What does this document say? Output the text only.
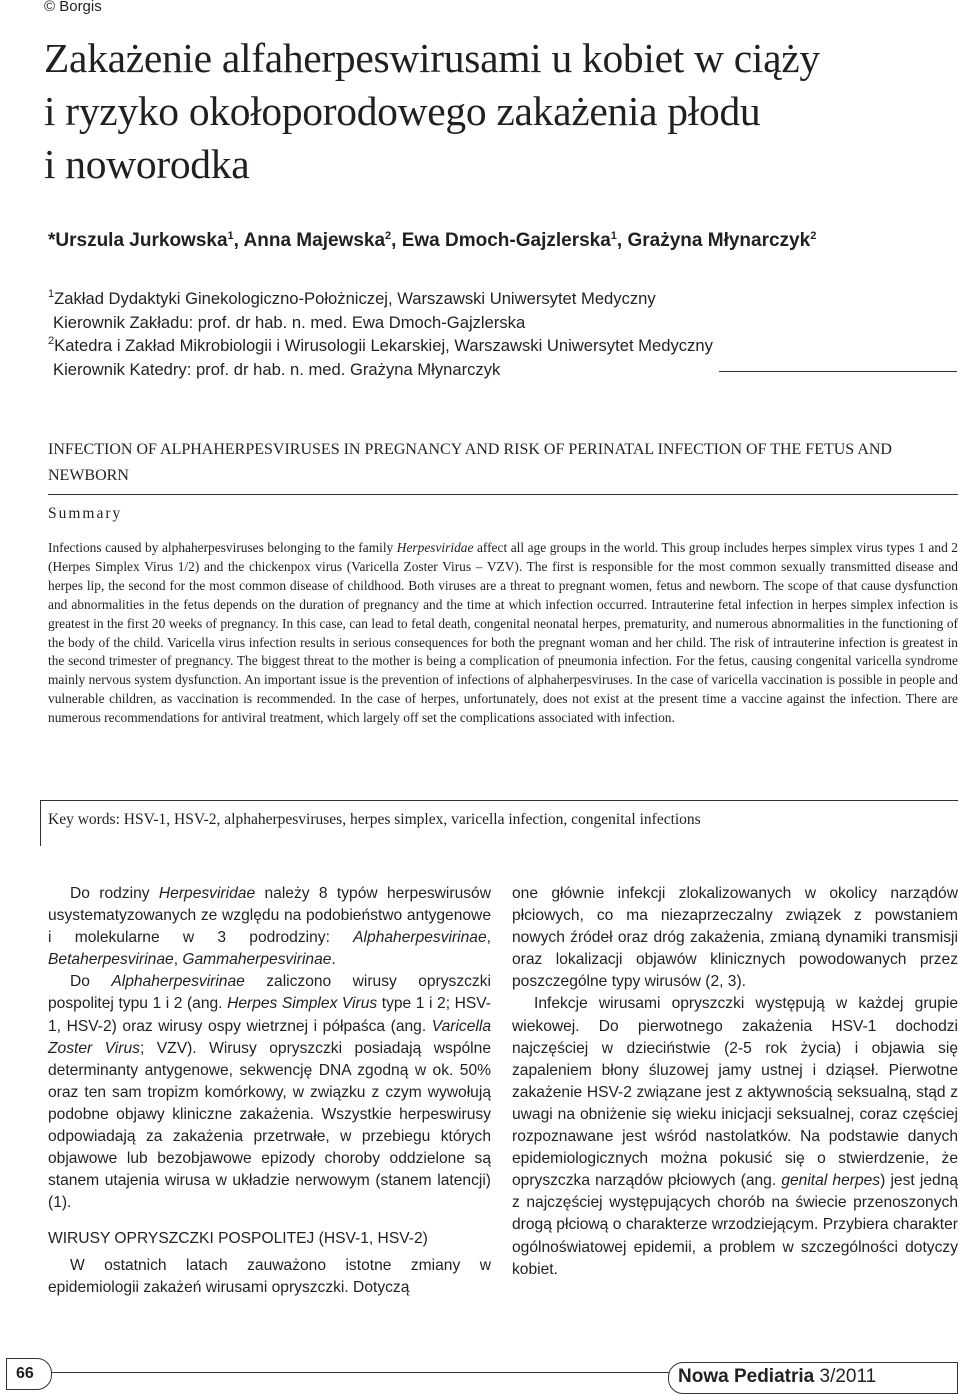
© Borgis
Zakażenie alfaherpeswirusami u kobiet w ciąży
i ryzyko okołoporodowego zakażenia płodu
i noworodka
*Urszula Jurkowska$^1$, Anna Majewska$^2$, Ewa Dmoch-Gajzlerska$^1$, Grażyna Młynarczyk$^2$
$^1$Zakład Dydaktyki Ginekologiczno-Położniczej, Warszawski Uniwersytet Medyczny
Kierownik Zakładu: prof. dr hab. n. med. Ewa Dmoch-Gajzlerska
$^2$Katedra i Zakład Mikrobiologii i Wirusologii Lekarskiej, Warszawski Uniwersytet Medyczny
Kierownik Katedry: prof. dr hab. n. med. Grażyna Młynarczyk
INFECTION OF ALPHAHERPESVIRUSES IN PREGNANCY AND RISK OF PERINATAL INFECTION OF THE FETUS AND NEWBORN
Summary

Infections caused by alphaherpesviruses belonging to the family Herpesviridae affect all age groups in the world. This group includes herpes simplex virus types 1 and 2 (Herpes Simplex Virus 1/2) and the chickenpox virus (Varicella Zoster Virus – VZV). The first is responsible for the most common sexually transmitted disease and herpes lip, the second for the most common disease of childhood. Both viruses are a threat to pregnant women, fetus and newborn. The scope of that cause dysfunction and abnormalities in the fetus depends on the duration of pregnancy and the time at which infection occurred. Intrauterine fetal infection in herpes simplex infection is greatest in the first 20 weeks of pregnancy. In this case, can lead to fetal death, congenital neonatal herpes, prematurity, and numerous abnormalities in the functioning of the body of the child. Varicella virus infection results in serious consequences for both the pregnant woman and her child. The risk of intrauterine infection is greatest in the second trimester of pregnancy. The biggest threat to the mother is being a complication of pneumonia infection. For the fetus, causing congenital varicella syndrome mainly nervous system dysfunction. An important issue is the prevention of infections of alphaherpesviruses. In the case of varicella vaccination is possible in people and vulnerable children, as vaccination is recommended. In the case of herpes, unfortunately, does not exist at the present time a vaccine against the infection. There are numerous recommendations for antiviral treatment, which largely off set the complications associated with infection.

Key words: HSV-1, HSV-2, alphaherpesviruses, herpes simplex, varicella infection, congenital infections

Do rodziny Herpesviridae należy 8 typów herpeswirusów usystematyzowanych ze względu na podobieństwo antygenowe i molekularne w 3 podrodziny: Alphaherpesvirinae, Betaherpesvirinae, Gammaherpesvirinae.

Do Alphaherpesvirinae zaliczono wirusy opryszczki pospolitej typu 1 i 2 (ang. Herpes Simplex Virus type 1 i 2; HSV-1, HSV-2) oraz wirusy ospy wietrznej i półpaśca (ang. Varicella Zoster Virus; VZV). Wirusy opryszczki posiadają wspólne determinanty antygenowe, sekwencję DNA zgodną w ok. 50% oraz ten sam tropizm komórkowy, w związku z czym wywołują podobne objawy kliniczne zakażenia. Wszystkie herpeswirusy odpowiadają za zakażenia przetrwałe, w przebiegu których objawowe lub bezobjawowe epizody choroby oddzielone są stanem utajenia wirusa w układzie nerwowym (stanem latencji) (1).

WIRUSY OPRYSZCZKI POSPOLITEJ (HSV-1, HSV-2)

W ostatnich latach zauważono istotne zmiany w epidemiologii zakażeń wirusami opryszczki. Dotyczą

one głównie infekcji zlokalizowanych w okolicy narządów płciowych, co ma niezaprzeczalny związek z powstaniem nowych źródeł oraz dróg zakażenia, zmianą dynamiki transmisji oraz lokalizacji objawów klinicznych powodowanych przez poszczególne typy wirusów (2, 3).

Infekcje wirusami opryszczki występują w każdej grupie wiekowej. Do pierwotnego zakażenia HSV-1 dochodzi najczęściej w dzieciństwie (2-5 rok życia) i objawia się zapaleniem błony śluzowej jamy ustnej i dziąseł. Pierwotne zakażenie HSV-2 związane jest z aktywnością seksualną, stąd z uwagi na obniżenie się wieku inicjacji seksualnej, coraz częściej rozpoznawane jest wśród nastolatków. Na podstawie danych epidemiologicznych można pokusić się o stwierdzenie, że opryszczka narządów płciowych (ang. genital herpes) jest jedną z najczęściej występujących chorób na świecie przenoszonych drogą płciową o charakterze wrzodziejącym. Przybiera charakter ogólnoświatowej epidemii, a problem w szczególności dotyczy kobiet.

66	Nowa Pediatria 3/2011
